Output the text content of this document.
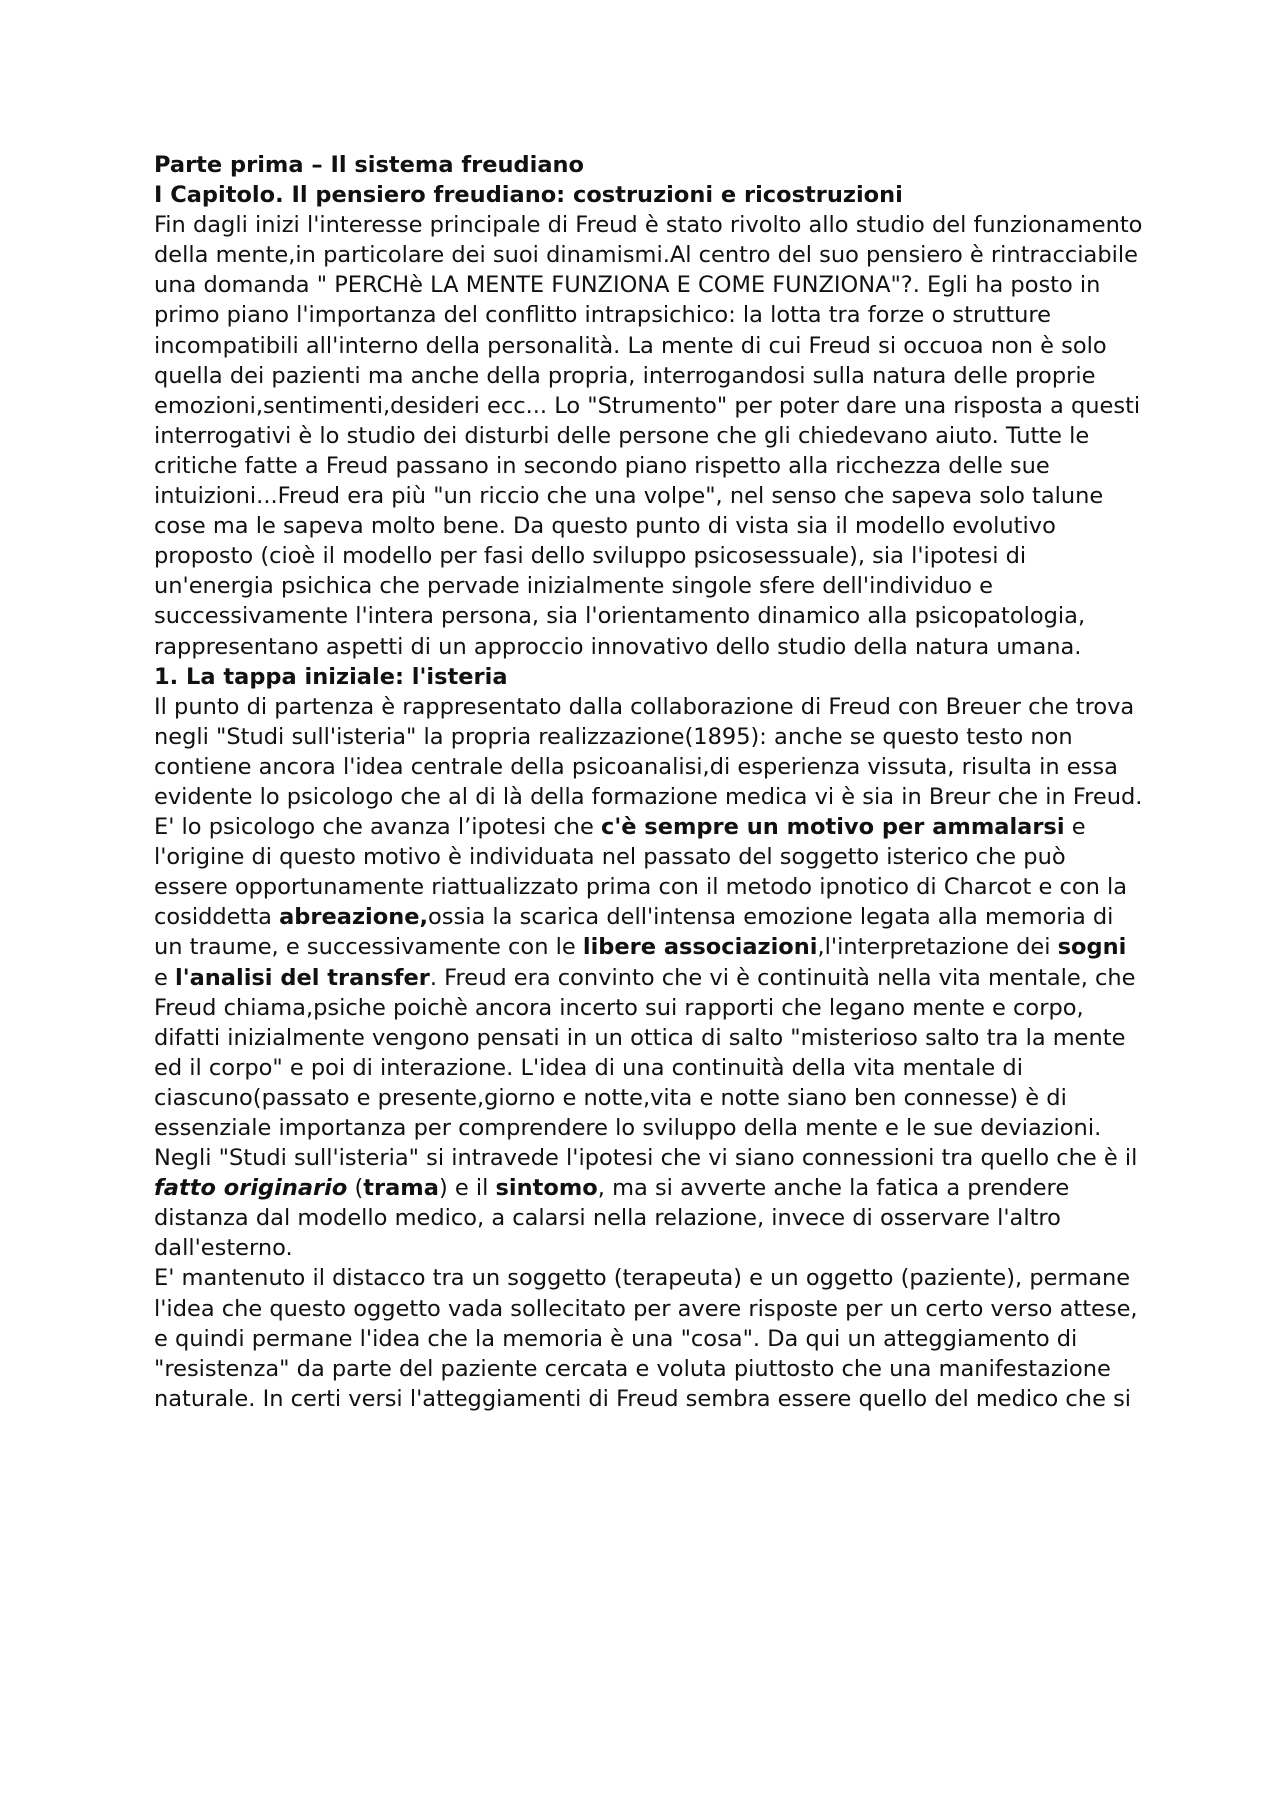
Parte prima – Il sistema freudiano
I Capitolo. Il pensiero freudiano: costruzioni e ricostruzioni

Fin dagli inizi l'interesse principale di Freud è stato rivolto allo studio del funzionamento della mente,in particolare dei suoi dinamismi.Al centro del suo pensiero è rintracciabile una domanda " PERCHè LA MENTE FUNZIONA E COME FUNZIONA"?. Egli ha posto in primo piano l'importanza del conflitto intrapsichico: la lotta tra forze o strutture incompatibili all'interno della personalità. La mente di cui Freud si occuoa non è solo quella dei pazienti ma anche della propria, interrogandosi sulla natura delle proprie emozioni,sentimenti,desideri ecc... Lo "Strumento" per poter dare una risposta a questi interrogativi è lo studio dei disturbi delle persone che gli chiedevano aiuto. Tutte le critiche fatte a Freud passano in secondo piano rispetto alla ricchezza delle sue intuizioni...Freud era più "un riccio che una volpe", nel senso che sapeva solo talune cose ma le sapeva molto bene. Da questo punto di vista sia il modello evolutivo proposto (cioè il modello per fasi dello sviluppo psicosessuale), sia l'ipotesi di un'energia psichica che pervade inizialmente singole sfere dell'individuo e successivamente l'intera persona, sia l'orientamento dinamico alla psicopatologia, rappresentano aspetti di un approccio innovativo dello studio della natura umana.

1. La tappa iniziale: l'isteria

Il punto di partenza è rappresentato dalla collaborazione di Freud con Breuer che trova negli "Studi sull'isteria" la propria realizzazione(1895): anche se questo testo non contiene ancora l'idea centrale della psicoanalisi,di esperienza vissuta, risulta in essa evidente lo psicologo che al di là della formazione medica vi è sia in Breur che in Freud. E' lo psicologo che avanza l’ipotesi che c'è sempre un motivo per ammalarsi e l'origine di questo motivo è individuata nel passato del soggetto isterico che può essere opportunamente riattualizzato prima con il metodo ipnotico di Charcot e con la cosiddetta abreazione,ossia la scarica dell'intensa emozione legata alla memoria di un traume, e successivamente con le libere associazioni,l'interpretazione dei sogni e l'analisi del transfer. Freud era convinto che vi è continuità nella vita mentale, che Freud chiama,psiche poichè ancora incerto sui rapporti che legano mente e corpo, difatti inizialmente vengono pensati in un ottica di salto "misterioso salto tra la mente ed il corpo" e poi di interazione. L'idea di una continuità della vita mentale di ciascuno(passato e presente,giorno e notte,vita e notte siano ben connesse) è di essenziale importanza per comprendere lo sviluppo della mente e le sue deviazioni. Negli "Studi sull'isteria" si intravede l'ipotesi che vi siano connessioni tra quello che è il fatto originario (trama) e il sintomo, ma si avverte anche la fatica a prendere distanza dal modello medico, a calarsi nella relazione, invece di osservare l'altro dall'esterno.

E' mantenuto il distacco tra un soggetto (terapeuta) e un oggetto (paziente), permane l'idea che questo oggetto vada sollecitato per avere risposte per un certo verso attese, e quindi permane l'idea che la memoria è una "cosa". Da qui un atteggiamento di "resistenza" da parte del paziente cercata e voluta piuttosto che una manifestazione naturale. In certi versi l'atteggiamenti di Freud sembra essere quello del medico che si
